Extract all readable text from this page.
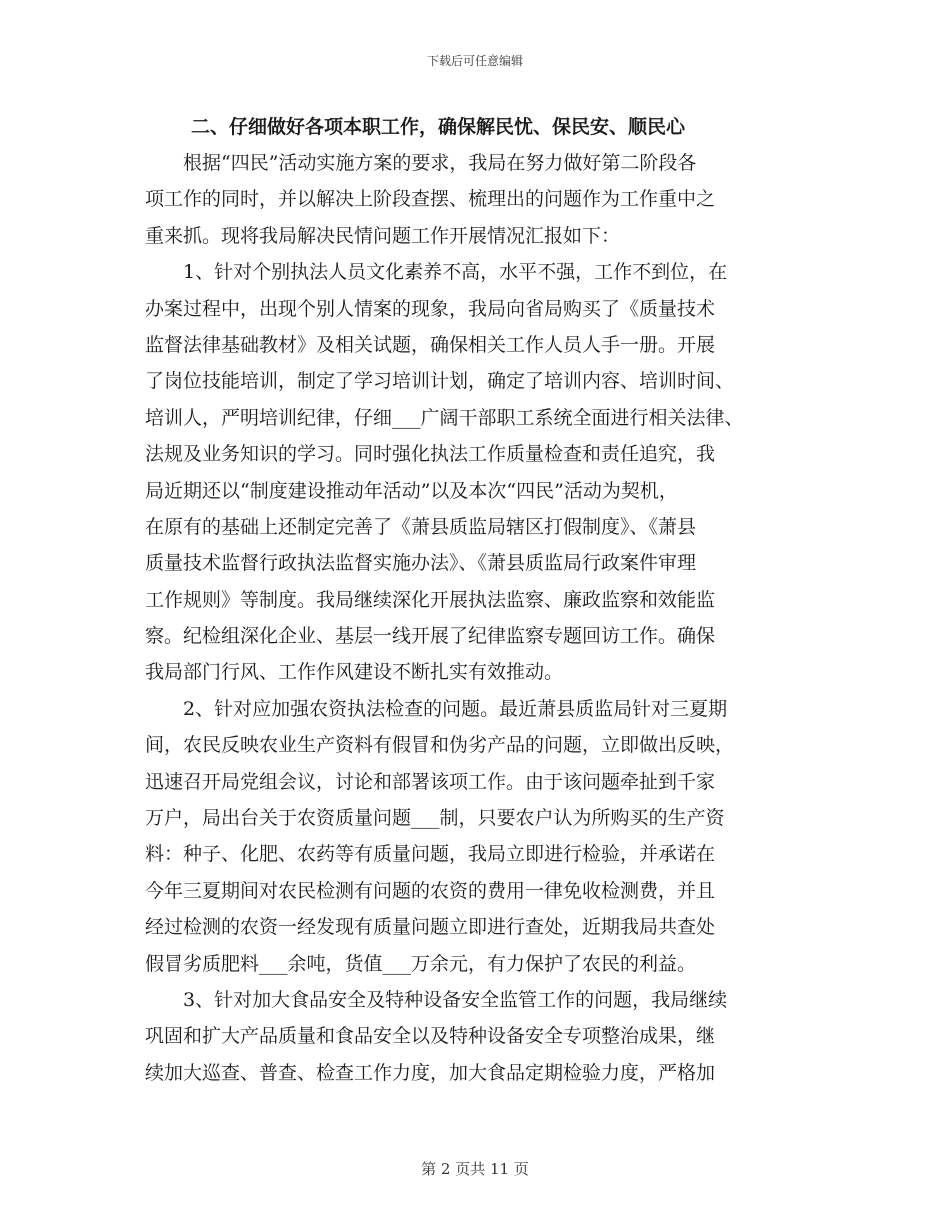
下载后可任意编辑
二、仔细做好各项本职工作，确保解民忧、保民安、顺民心
根据“四民”活动实施方案的要求，我局在努力做好第二阶段各
项工作的同时，并以解决上阶段查摆、梳理出的问题作为工作重中之
重来抓。现将我局解决民情问题工作开展情况汇报如下：
1、针对个别执法人员文化素养不高，水平不强，工作不到位，在
办案过程中，出现个别人情案的现象，我局向省局购买了《质量技术
监督法律基础教材》及相关试题，确保相关工作人员人手一册。开展
了岗位技能培训，制定了学习培训计划，确定了培训内容、培训时间、
培训人，严明培训纪律，仔细___广阔干部职工系统全面进行相关法律、
法规及业务知识的学习。同时强化执法工作质量检查和责任追究，我
局近期还以“制度建设推动年活动”以及本次“四民”活动为契机，
在原有的基础上还制定完善了《萧县质监局辖区打假制度》、《萧县
质量技术监督行政执法监督实施办法》、《萧县质监局行政案件审理
工作规则》等制度。我局继续深化开展执法监察、廉政监察和效能监
察。纪检组深化企业、基层一线开展了纪律监察专题回访工作。确保
我局部门行风、工作作风建设不断扎实有效推动。
2、针对应加强农资执法检查的问题。最近萧县质监局针对三夏期
间，农民反映农业生产资料有假冒和伪劣产品的问题，立即做出反映，
迅速召开局党组会议，讨论和部署该项工作。由于该问题牵扯到千家
万户，局出台关于农资质量问题___制，只要农户认为所购买的生产资
料：种子、化肥、农药等有质量问题，我局立即进行检验，并承诺在
今年三夏期间对农民检测有问题的农资的费用一律免收检测费，并且
经过检测的农资一经发现有质量问题立即进行查处，近期我局共查处
假冒劣质肥料___余吨，货值___万余元，有力保护了农民的利益。
3、针对加大食品安全及特种设备安全监管工作的问题，我局继续
巩固和扩大产品质量和食品安全以及特种设备安全专项整治成果，继
续加大巡查、普查、检查工作力度，加大食品定期检验力度，严格加
第 2 页共 11 页
